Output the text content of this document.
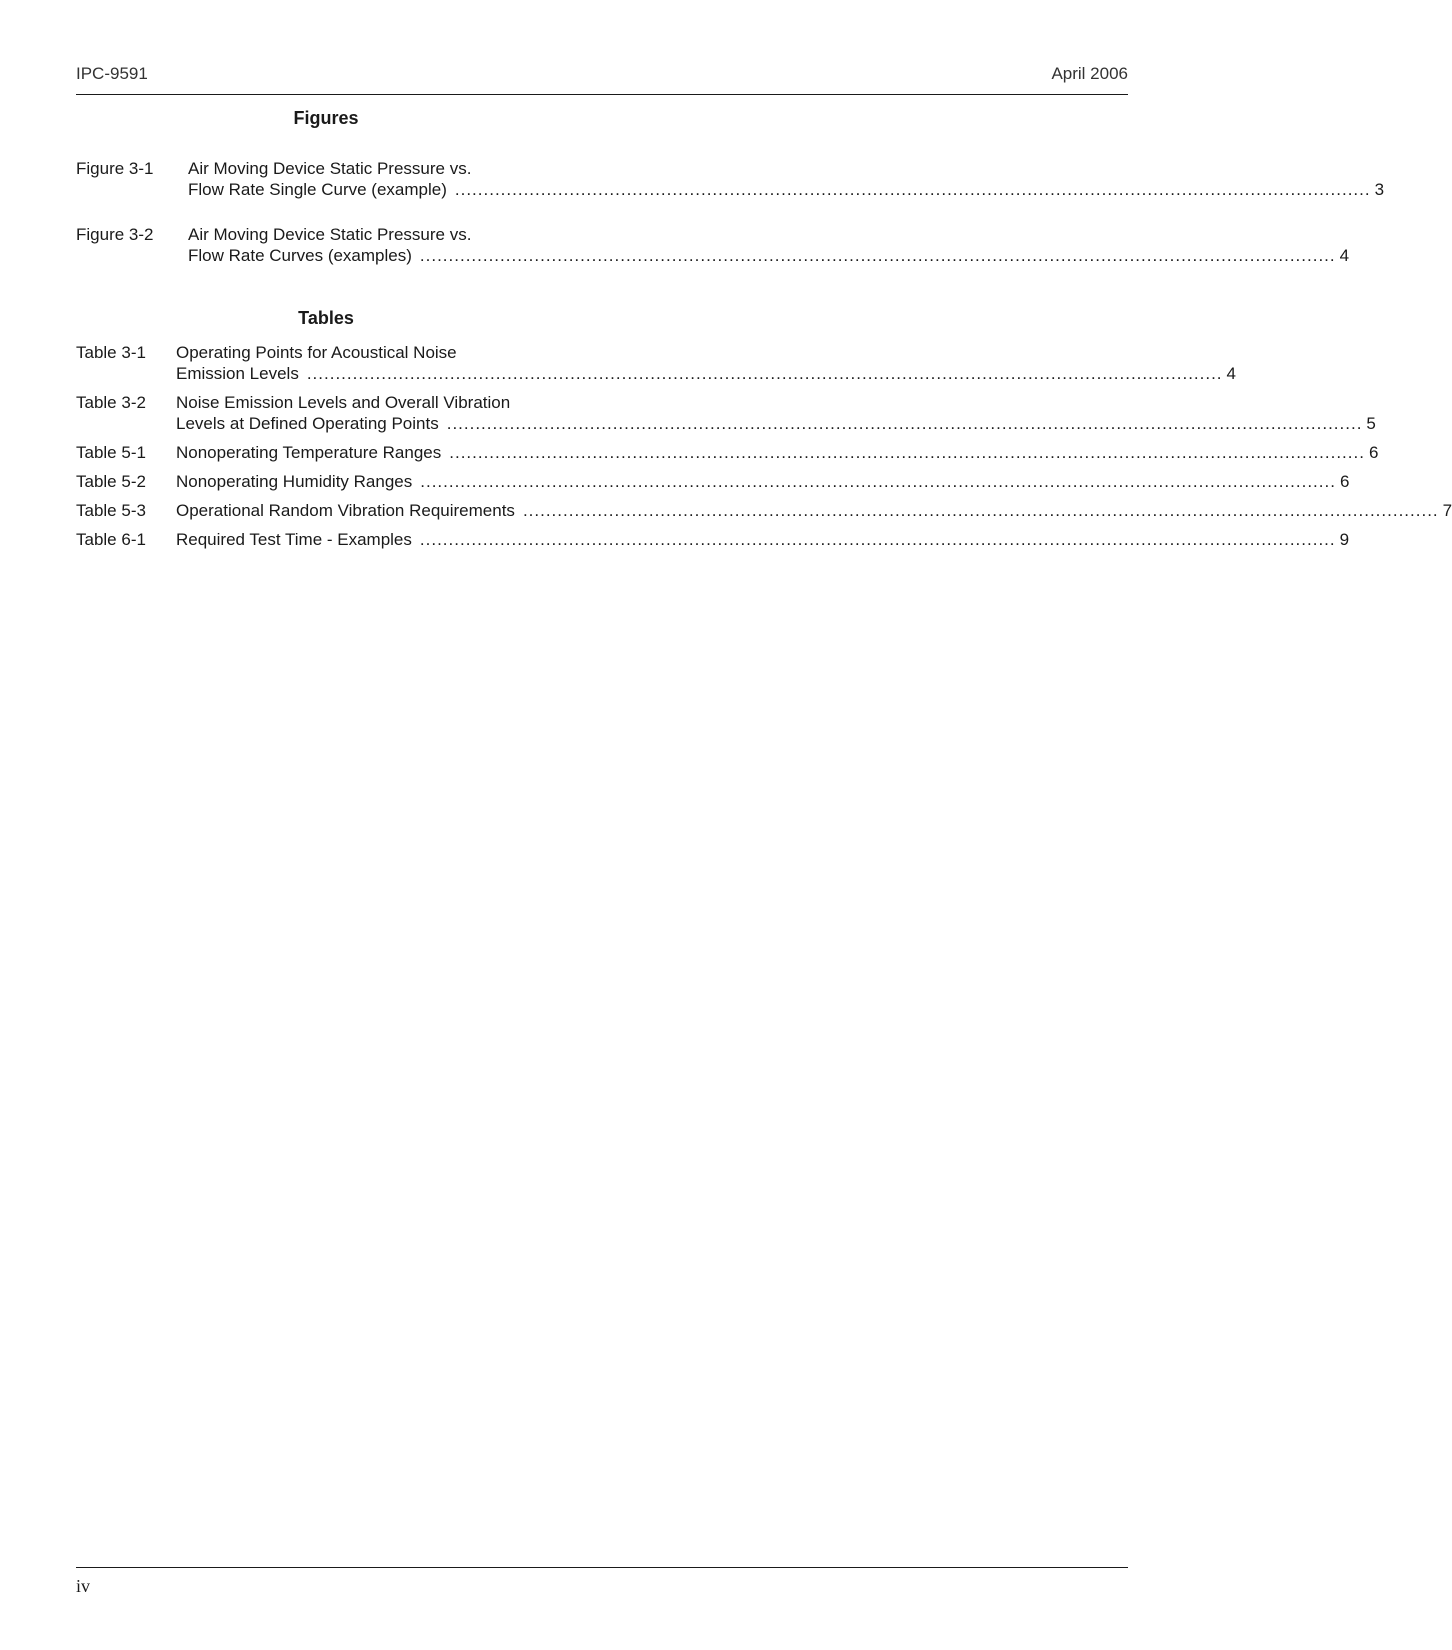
IPC-9591	April 2006
Figures
Figure 3-1	Air Moving Device Static Pressure vs.
Flow Rate Single Curve (example) .....	3
Figure 3-2	Air Moving Device Static Pressure vs.
Flow Rate Curves (examples) .....	4
Tables
Table 3-1	Operating Points for Acoustical Noise
Emission Levels .....	4
Table 3-2	Noise Emission Levels and Overall Vibration
Levels at Defined Operating Points .....	5
Table 5-1	Nonoperating Temperature Ranges .....	6
Table 5-2	Nonoperating Humidity Ranges .....	6
Table 5-3	Operational Random Vibration Requirements .....	7
Table 6-1	Required Test Time - Examples .....	9
iv
